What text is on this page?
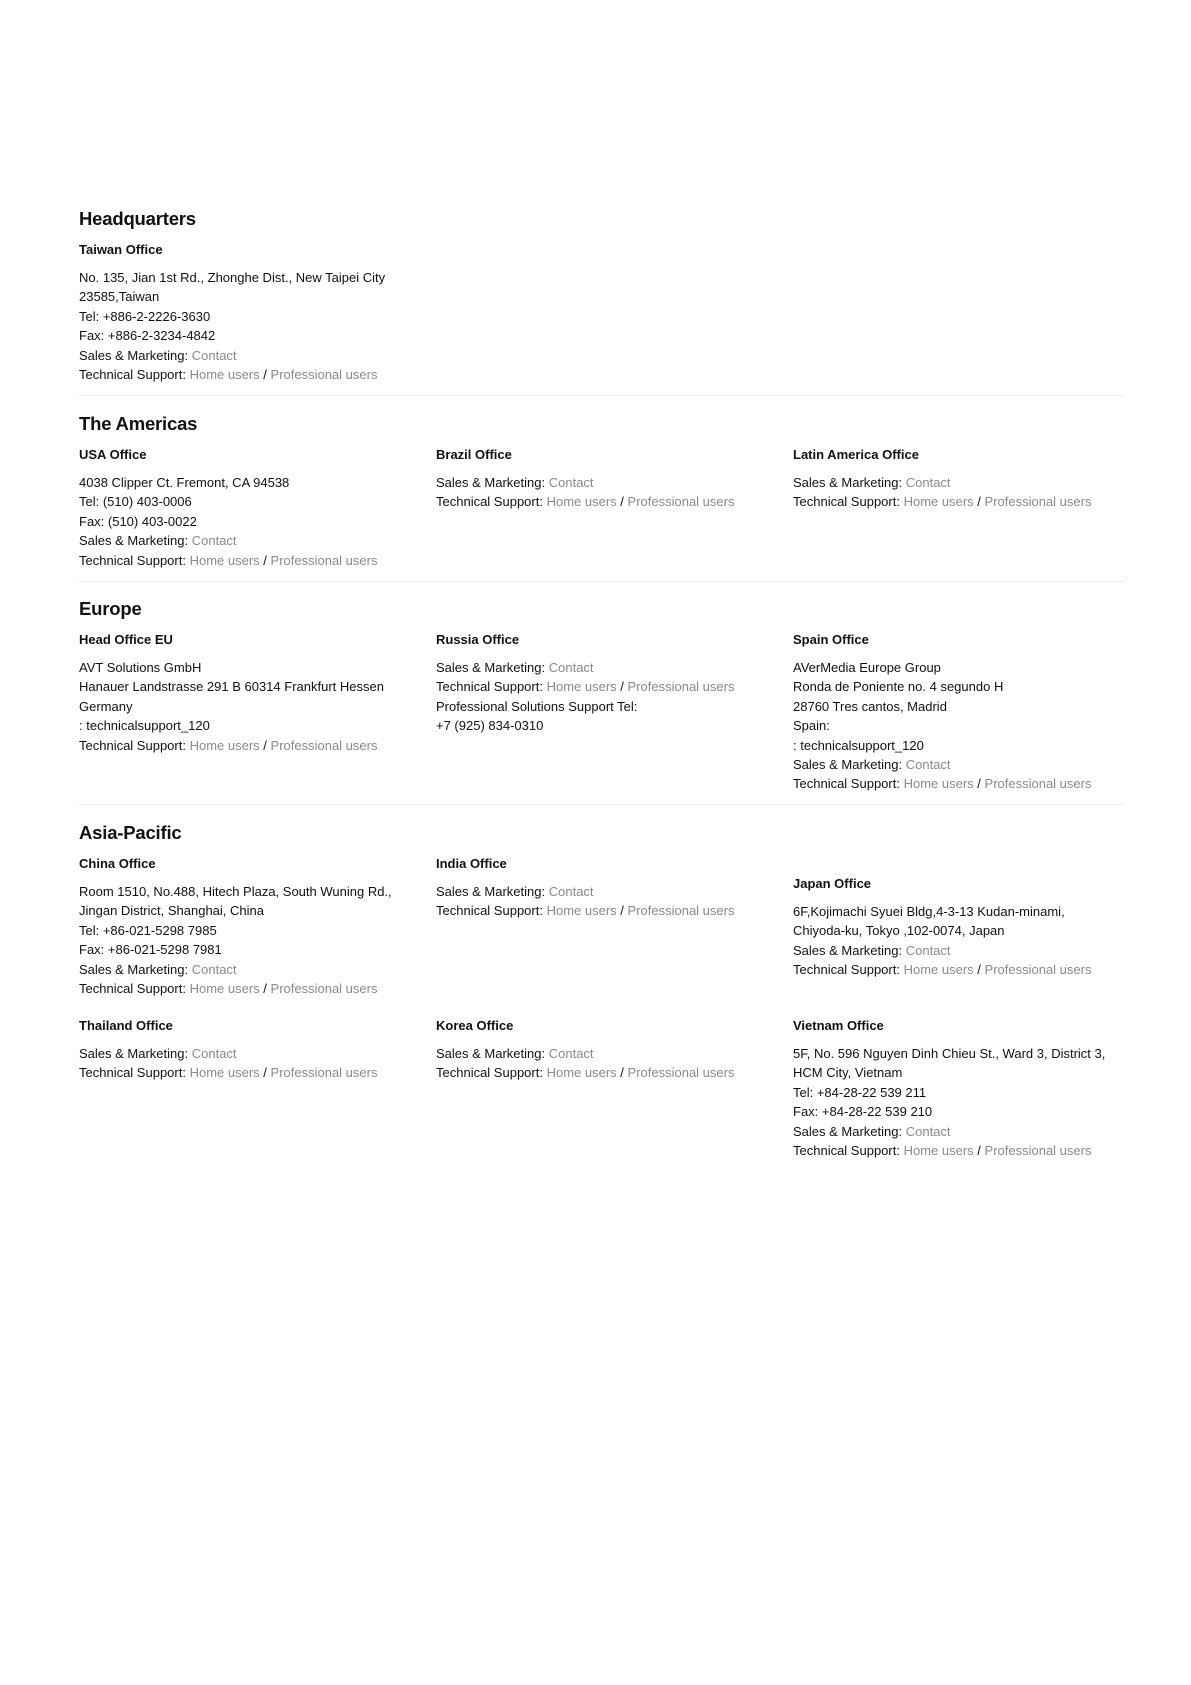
Headquarters
Taiwan Office
No. 135, Jian 1st Rd., Zhonghe Dist., New Taipei City
23585,Taiwan
Tel: +886-2-2226-3630
Fax: +886-2-3234-4842
Sales & Marketing: Contact
Technical Support: Home users / Professional users
The Americas
USA Office
4038 Clipper Ct. Fremont, CA 94538
Tel: (510) 403-0006
Fax: (510) 403-0022
Sales & Marketing: Contact
Technical Support: Home users / Professional users
Brazil Office
Sales & Marketing: Contact
Technical Support: Home users / Professional users
Latin America Office
Sales & Marketing: Contact
Technical Support: Home users / Professional users
Europe
Head Office EU
AVT Solutions GmbH
Hanauer Landstrasse 291 B 60314 Frankfurt Hessen
Germany
: technicalsupport_120
Technical Support: Home users / Professional users
Russia Office
Sales & Marketing: Contact
Technical Support: Home users / Professional users
Professional Solutions Support Tel:
+7 (925) 834-0310
Spain Office
AVerMedia Europe Group
Ronda de Poniente no. 4 segundo H
28760 Tres cantos, Madrid
Spain:
: technicalsupport_120
Sales & Marketing: Contact
Technical Support: Home users / Professional users
Asia-Pacific
China Office
Room 1510, No.488, Hitech Plaza, South Wuning Rd.,
Jingan District, Shanghai, China
Tel: +86-021-5298 7985
Fax: +86-021-5298 7981
Sales & Marketing: Contact
Technical Support: Home users / Professional users
India Office
Sales & Marketing: Contact
Technical Support: Home users / Professional users
Japan Office
6F,Kojimachi Syuei Bldg,4-3-13 Kudan-minami,
Chiyoda-ku, Tokyo ,102-0074, Japan
Sales & Marketing: Contact
Technical Support: Home users / Professional users
Thailand Office
Sales & Marketing: Contact
Technical Support: Home users / Professional users
Korea Office
Sales & Marketing: Contact
Technical Support: Home users / Professional users
Vietnam Office
5F, No. 596 Nguyen Dinh Chieu St., Ward 3, District 3,
HCM City, Vietnam
Tel: +84-28-22 539 211
Fax: +84-28-22 539 210
Sales & Marketing: Contact
Technical Support: Home users / Professional users
